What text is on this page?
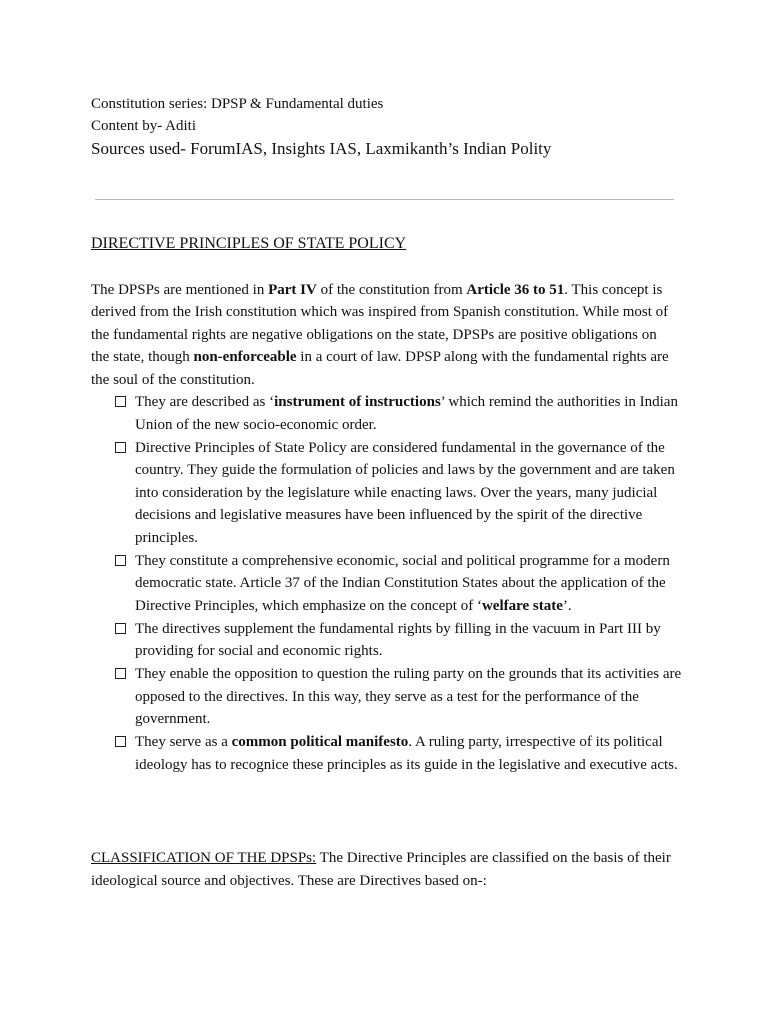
Constitution series: DPSP & Fundamental duties
Content by- Aditi
Sources used- ForumIAS, Insights IAS, Laxmikanth’s Indian Polity
DIRECTIVE PRINCIPLES OF STATE POLICY

The DPSPs are mentioned in Part IV of the constitution from Article 36 to 51. This concept is derived from the Irish constitution which was inspired from Spanish constitution. While most of the fundamental rights are negative obligations on the state, DPSPs are positive obligations on the state, though non-enforceable in a court of law. DPSP along with the fundamental rights are the soul of the constitution.

They are described as ‘instrument of instructions’ which remind the authorities in Indian Union of the new socio-economic order.
Directive Principles of State Policy are considered fundamental in the governance of the country. They guide the formulation of policies and laws by the government and are taken into consideration by the legislature while enacting laws. Over the years, many judicial decisions and legislative measures have been influenced by the spirit of the directive principles.
They constitute a comprehensive economic, social and political programme for a modern democratic state. Article 37 of the Indian Constitution States about the application of the Directive Principles, which emphasize on the concept of ‘welfare state’.
The directives supplement the fundamental rights by filling in the vacuum in Part III by providing for social and economic rights.
They enable the opposition to question the ruling party on the grounds that its activities are opposed to the directives. In this way, they serve as a test for the performance of the government.
They serve as a common political manifesto. A ruling party, irrespective of its political ideology has to recognice these principles as its guide in the legislative and executive acts.

CLASSIFICATION OF THE DPSPs: The Directive Principles are classified on the basis of their ideological source and objectives. These are Directives based on-:
